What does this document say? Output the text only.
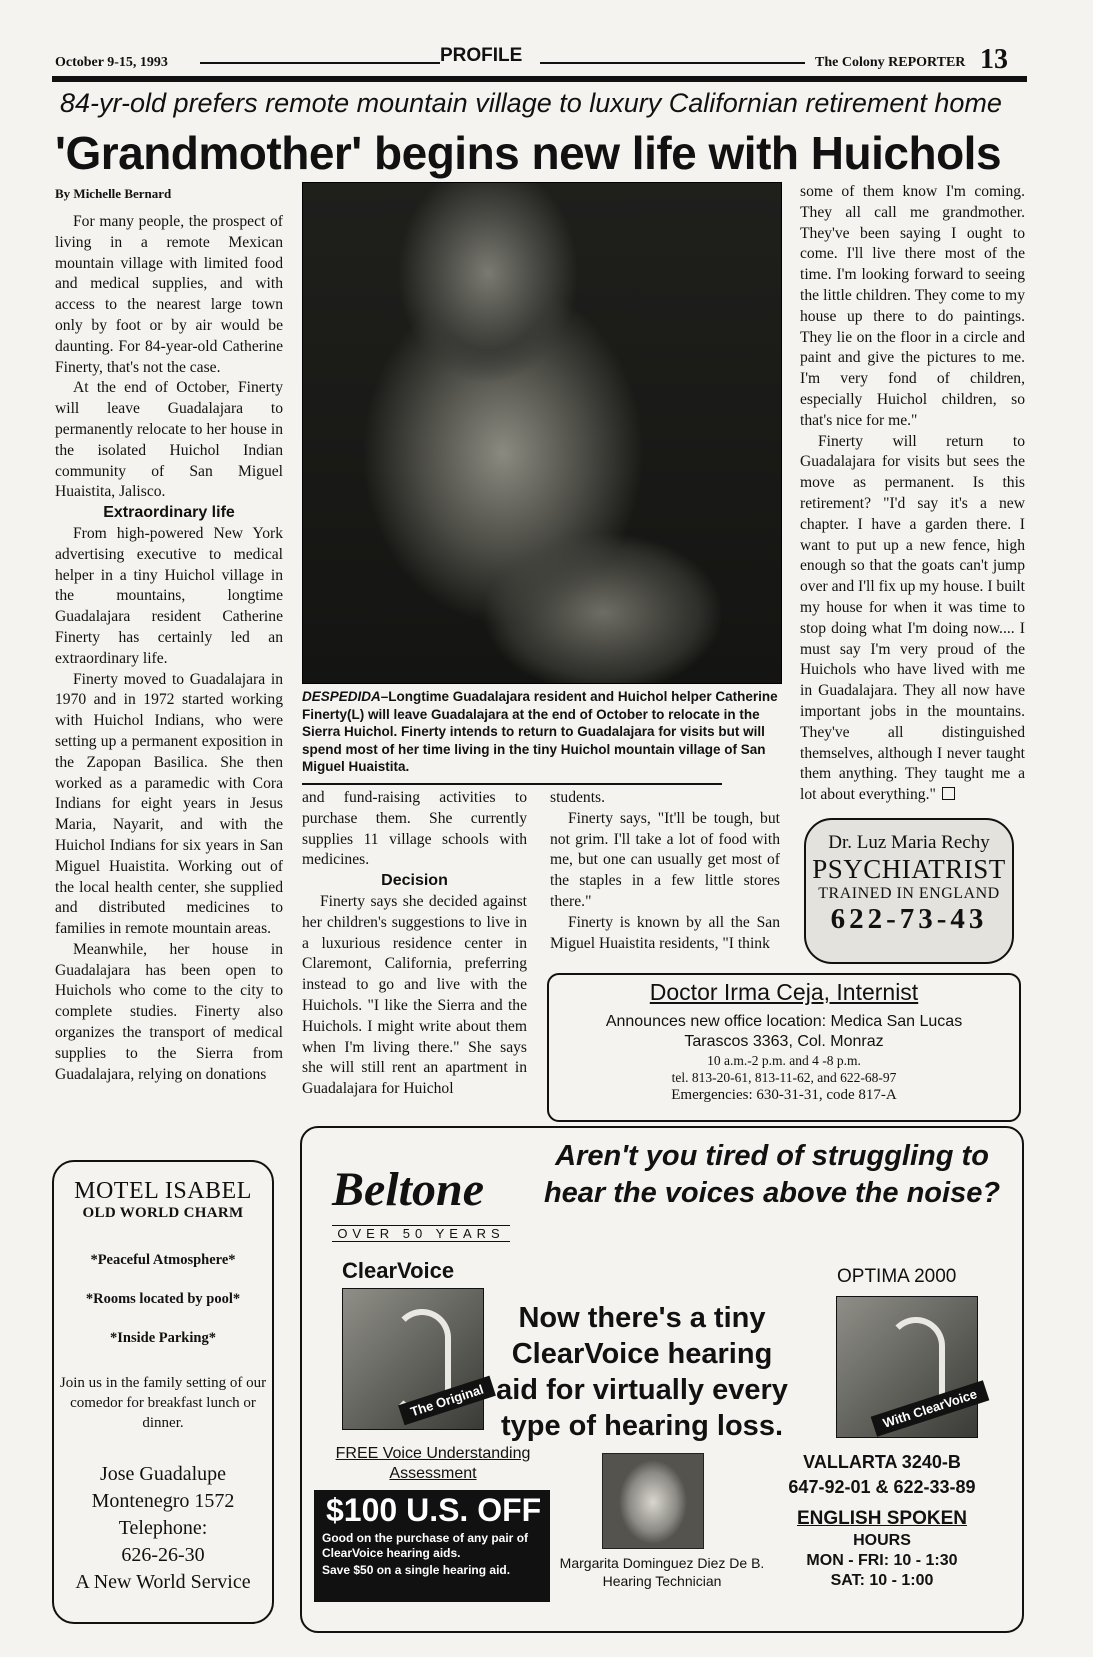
October 9-15, 1993	PROFILE	The Colony REPORTER 13
84-yr-old prefers remote mountain village to luxury Californian retirement home
'Grandmother' begins new life with Huichols
By Michelle Bernard

For many people, the prospect of living in a remote Mexican mountain village with limited food and medical supplies, and with access to the nearest large town only by foot or by air would be daunting. For 84-year-old Catherine Finerty, that's not the case.

At the end of October, Finerty will leave Guadalajara to permanently relocate to her house in the isolated Huichol Indian community of San Miguel Huaistita, Jalisco.

Extraordinary life

From high-powered New York advertising executive to medical helper in a tiny Huichol village in the mountains, longtime Guadalajara resident Catherine Finerty has certainly led an extraordinary life.

Finerty moved to Guadalajara in 1970 and in 1972 started working with Huichol Indians, who were setting up a permanent exposition in the Zapopan Basilica. She then worked as a paramedic with Cora Indians for eight years in Jesus Maria, Nayarit, and with the Huichol Indians for six years in San Miguel Huaistita. Working out of the local health center, she supplied and distributed medicines to families in remote mountain areas.

Meanwhile, her house in Guadalajara has been open to Huichols who come to the city to complete studies. Finerty also organizes the transport of medical supplies to the Sierra from Guadalajara, relying on donations

DESPEDIDA–Longtime Guadalajara resident and Huichol helper Catherine Finerty(L) will leave Guadalajara at the end of October to relocate in the Sierra Huichol. Finerty intends to return to Guadalajara for visits but will spend most of her time living in the tiny Huichol mountain village of San Miguel Huaistita.

and fund-raising activities to purchase them. She currently supplies 11 village schools with medicines.

Decision

Finerty says she decided against her children's suggestions to live in a luxurious residence center in Claremont, California, preferring instead to go and live with the Huichols. "I like the Sierra and the Huichols. I might write about them when I'm living there." She says she will still rent an apartment in Guadalajara for Huichol

students.

Finerty says, "It'll be tough, but not grim. I'll take a lot of food with me, but one can usually get most of the staples in a few little stores there."

Finerty is known by all the San Miguel Huaistita residents, "I think

some of them know I'm coming. They all call me grandmother. They've been saying I ought to come. I'll live there most of the time. I'm looking forward to seeing the little children. They come to my house up there to do paintings. They lie on the floor in a circle and paint and give the pictures to me. I'm very fond of children, especially Huichol children, so that's nice for me."

Finerty will return to Guadalajara for visits but sees the move as permanent. Is this retirement? "I'd say it's a new chapter. I have a garden there. I want to put up a new fence, high enough so that the goats can't jump over and I'll fix up my house. I built my house for when it was time to stop doing what I'm doing now.... I must say I'm very proud of the Huichols who have lived with me in Guadalajara. They all now have important jobs in the mountains. They've all distinguished themselves, although I never taught them anything. They taught me a lot about everything."

Dr. Luz Maria Rechy
PSYCHIATRIST
TRAINED IN ENGLAND
622-73-43
Doctor Irma Ceja, Internist
Announces new office location: Medica San Lucas
Tarascos 3363, Col. Monraz
10 a.m.-2 p.m. and 4 -8 p.m.
tel. 813-20-61, 813-11-62, and 622-68-97
Emergencies: 630-31-31, code 817-A
MOTEL ISABEL
OLD WORLD CHARM
*Peaceful Atmosphere*
*Rooms located by pool*
*Inside Parking*
Join us in the family setting of our comedor for breakfast lunch or dinner.
Jose Guadalupe
Montenegro 1572
Telephone:
626-26-30
A New World Service
Beltone
OVER 50 YEARS
Aren't you tired of struggling to hear the voices above the noise?
ClearVoice
The Original
OPTIMA 2000
With ClearVoice
Now there's a tiny ClearVoice hearing aid for virtually every type of hearing loss.
FREE Voice Understanding Assessment
$100 U.S. OFF
Good on the purchase of any pair of ClearVoice hearing aids.
Save $50 on a single hearing aid.	Margarita Dominguez Diez De B.
Hearing Technician
VALLARTA 3240-B
647-92-01 & 622-33-89
ENGLISH SPOKEN
HOURS
MON - FRI: 10 - 1:30
SAT: 10 - 1:00
